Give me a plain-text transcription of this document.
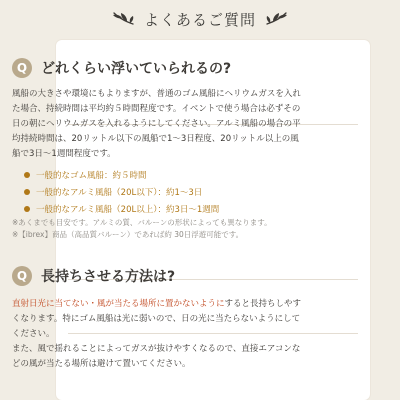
よくあるご質問
Q どれくらい浮いていられるの?
風船の大きさや環境にもよりますが、普通のゴム風船にヘリウムガスを入れた場合、持続時間は平均約５時間程度です。イベントで使う場合は必ずその日の朝にヘリウムガスを入れるようにしてください。アルミ風船の場合の平均持続時間は、20リットル以下の風船で1〜3日程度、20リットル以上の風船で3日〜1週間程度です。
一般的なゴム風船：約５時間
一般的なアルミ風船（20L以下）：約1〜3日
一般的なアルミ風船（20L以上）：約3日〜1週間
※あくまでも目安です。アルミの質、バルーンの形状によっても異なります。
※【ibrex】商品（高品質バルーン）であれば約 30日浮遊可能です。
Q 長持ちさせる方法は?
直射日光に当てない・風が当たる場所に置かないようにすると長持ちしやすくなります。特にゴム風船は光に弱いので、日の光に当たらないようにしてください。
また、風で揺れることによってガスが抜けやすくなるので、直接エアコンなどの風が当たる場所は避けて置いてください。
